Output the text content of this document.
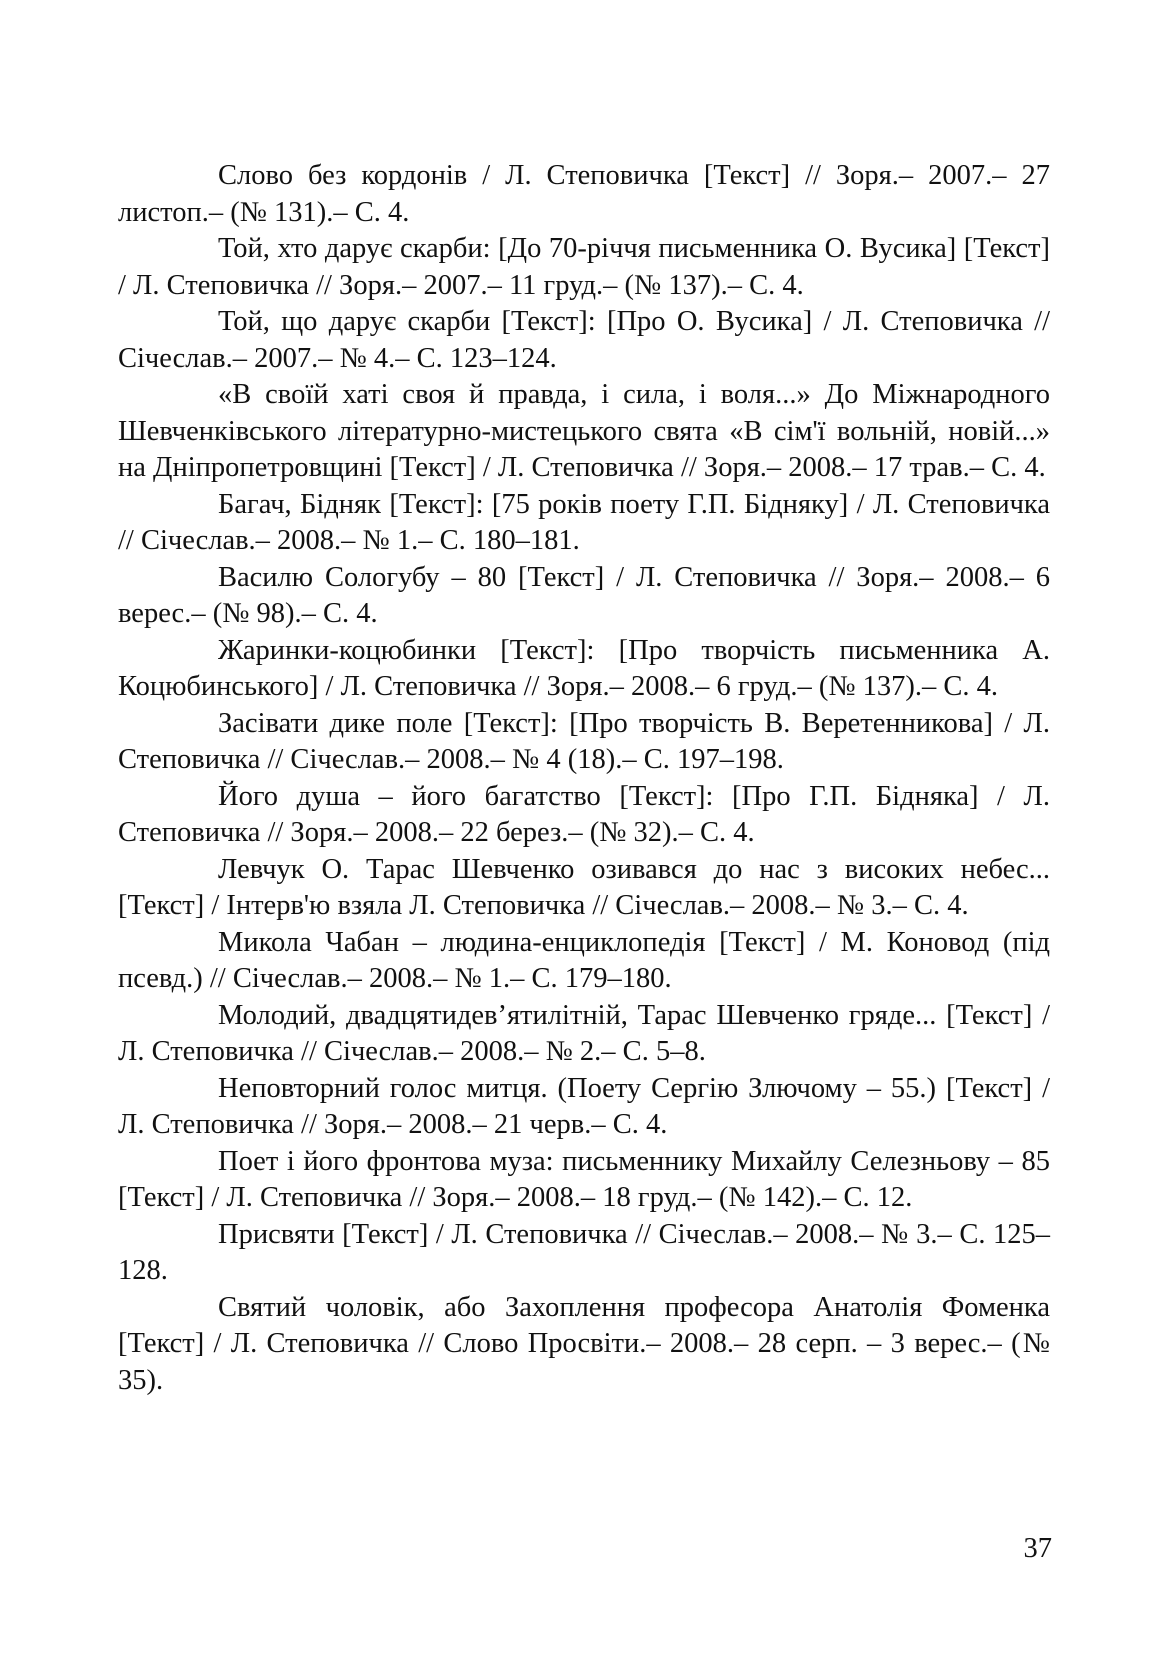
Слово без кордонів / Л. Степовичка [Текст] // Зоря.– 2007.– 27 листоп.– (№ 131).– С. 4.

Той, хто дарує скарби: [До 70-річчя письменника О. Вусика] [Текст] / Л. Степовичка // Зоря.– 2007.– 11 груд.– (№ 137).– С. 4.

Той, що дарує скарби [Текст]: [Про О. Вусика] / Л. Степовичка // Січеслав.– 2007.– № 4.– С. 123–124.

«В своїй хаті своя й правда, і сила, і воля...» До Міжнародного Шевченківського літературно-мистецького свята «В сім'ї вольній, новій...» на Дніпропетровщині [Текст] / Л. Степовичка // Зоря.– 2008.– 17 трав.– С. 4.

Багач, Бідняк [Текст]: [75 років поету Г.П. Бідняку] / Л. Степовичка // Січеслав.– 2008.– № 1.– С. 180–181.

Василю Сологубу – 80 [Текст] / Л. Степовичка // Зоря.– 2008.– 6 верес.– (№ 98).– С. 4.

Жаринки-коцюбинки [Текст]: [Про творчість письменника А. Коцюбинського] / Л. Степовичка // Зоря.– 2008.– 6 груд.– (№ 137).– С. 4.

Засівати дике поле [Текст]: [Про творчість В. Веретенникова] / Л. Степовичка // Січеслав.– 2008.– № 4 (18).– С. 197–198.

Його душа – його багатство [Текст]: [Про Г.П. Бідняка] / Л. Степовичка // Зоря.– 2008.– 22 берез.– (№ 32).– С. 4.

Левчук О. Тарас Шевченко озивався до нас з високих небес... [Текст] / Інтерв'ю взяла Л. Степовичка // Січеслав.– 2008.– № 3.– С. 4.

Микола Чабан – людина-енциклопедія [Текст] / М. Коновод (під псевд.) // Січеслав.– 2008.– № 1.– С. 179–180.

Молодий, двадцятидев’ятилітній, Тарас Шевченко гряде... [Текст] / Л. Степовичка // Січеслав.– 2008.– № 2.– С. 5–8.

Неповторний голос митця. (Поету Сергію Злючому – 55.) [Текст] / Л. Степовичка // Зоря.– 2008.– 21 черв.– С. 4.

Поет і його фронтова муза: письменнику Михайлу Селезньову – 85 [Текст] / Л. Степовичка // Зоря.– 2008.– 18 груд.– (№ 142).– С. 12.

Присвяти [Текст] / Л. Степовичка // Січеслав.– 2008.– № 3.– С. 125–128.

Святий чоловік, або Захоплення професора Анатолія Фоменка [Текст] / Л. Степовичка // Слово Просвіти.– 2008.– 28 серп. – 3 верес.– (№ 35).

37
